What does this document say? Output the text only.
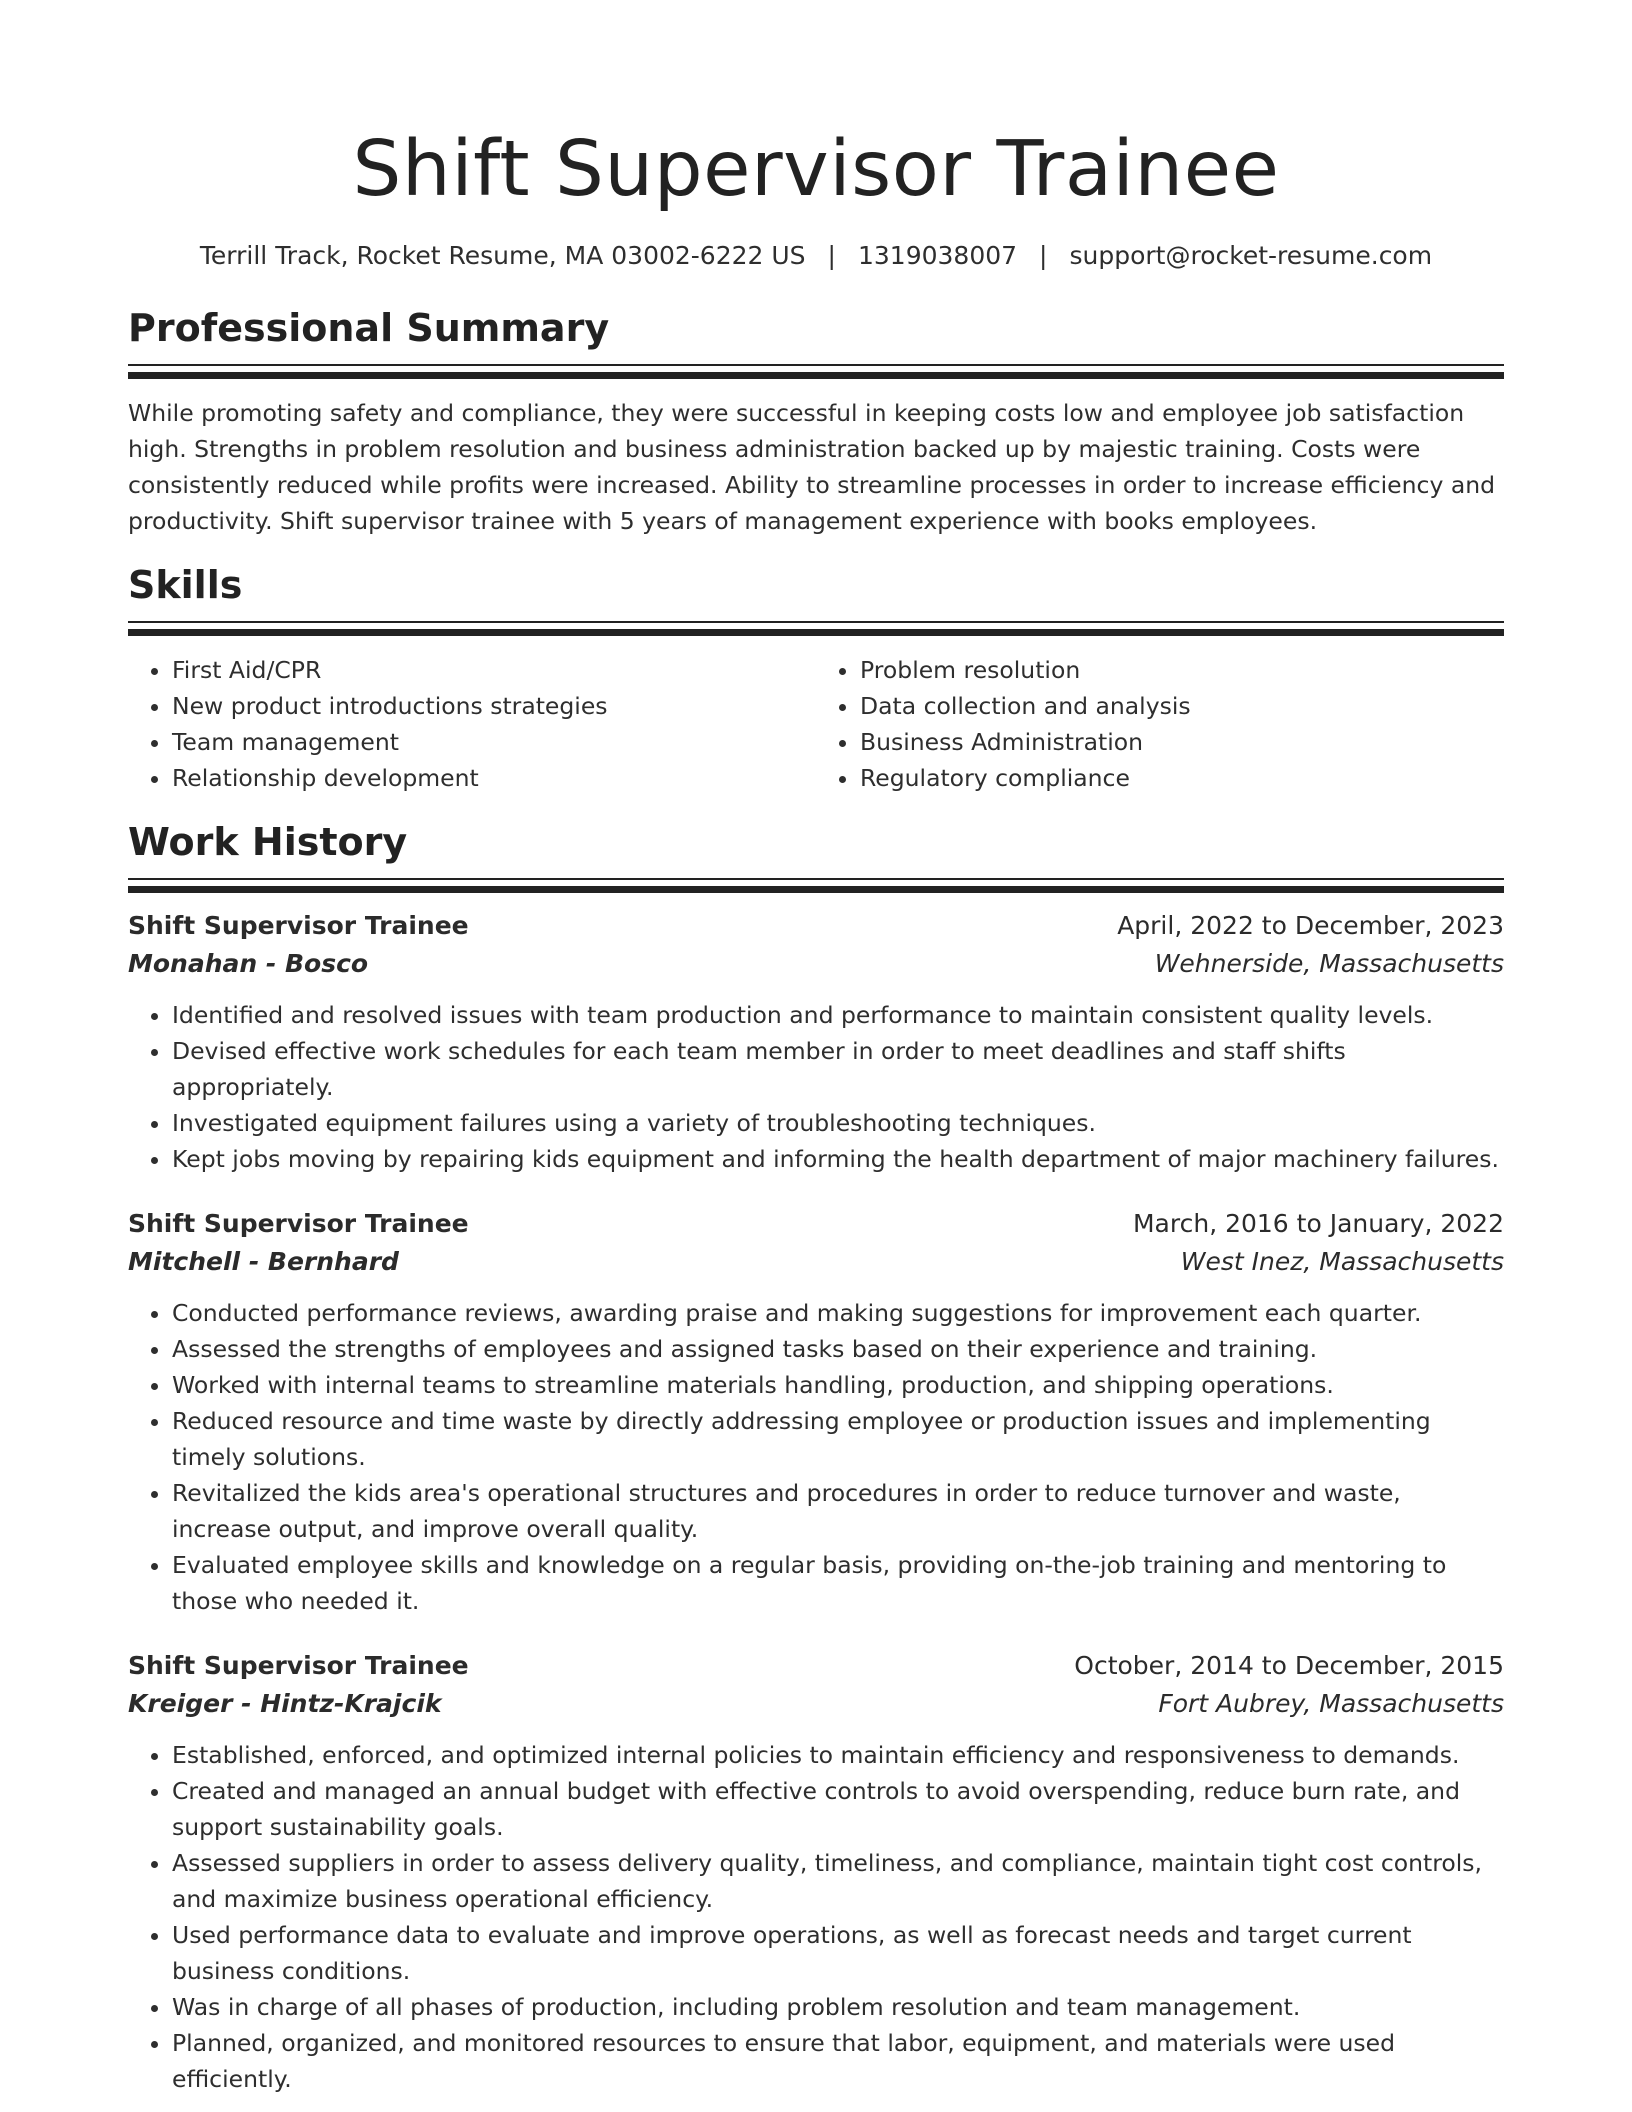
Shift Supervisor Trainee
Terrill Track, Rocket Resume, MA 03002-6222 US | 1319038007 | support@rocket-resume.com
Professional Summary
While promoting safety and compliance, they were successful in keeping costs low and employee job satisfaction high. Strengths in problem resolution and business administration backed up by majestic training. Costs were consistently reduced while profits were increased. Ability to streamline processes in order to increase efficiency and productivity. Shift supervisor trainee with 5 years of management experience with books employees.
Skills
• First Aid/CPR
• New product introductions strategies
• Team management
• Relationship development
• Problem resolution
• Data collection and analysis
• Business Administration
• Regulatory compliance
Work History
Shift Supervisor Trainee	April, 2022 to December, 2023
Monahan - Bosco	Wehnerside, Massachusetts
• Identified and resolved issues with team production and performance to maintain consistent quality levels.
• Devised effective work schedules for each team member in order to meet deadlines and staff shifts appropriately.
• Investigated equipment failures using a variety of troubleshooting techniques.
• Kept jobs moving by repairing kids equipment and informing the health department of major machinery failures.
Shift Supervisor Trainee	March, 2016 to January, 2022
Mitchell - Bernhard	West Inez, Massachusetts
• Conducted performance reviews, awarding praise and making suggestions for improvement each quarter.
• Assessed the strengths of employees and assigned tasks based on their experience and training.
• Worked with internal teams to streamline materials handling, production, and shipping operations.
• Reduced resource and time waste by directly addressing employee or production issues and implementing timely solutions.
• Revitalized the kids area's operational structures and procedures in order to reduce turnover and waste, increase output, and improve overall quality.
• Evaluated employee skills and knowledge on a regular basis, providing on-the-job training and mentoring to those who needed it.
Shift Supervisor Trainee	October, 2014 to December, 2015
Kreiger - Hintz-Krajcik	Fort Aubrey, Massachusetts
• Established, enforced, and optimized internal policies to maintain efficiency and responsiveness to demands.
• Created and managed an annual budget with effective controls to avoid overspending, reduce burn rate, and support sustainability goals.
• Assessed suppliers in order to assess delivery quality, timeliness, and compliance, maintain tight cost controls, and maximize business operational efficiency.
• Used performance data to evaluate and improve operations, as well as forecast needs and target current business conditions.
• Was in charge of all phases of production, including problem resolution and team management.
• Planned, organized, and monitored resources to ensure that labor, equipment, and materials were used efficiently.
